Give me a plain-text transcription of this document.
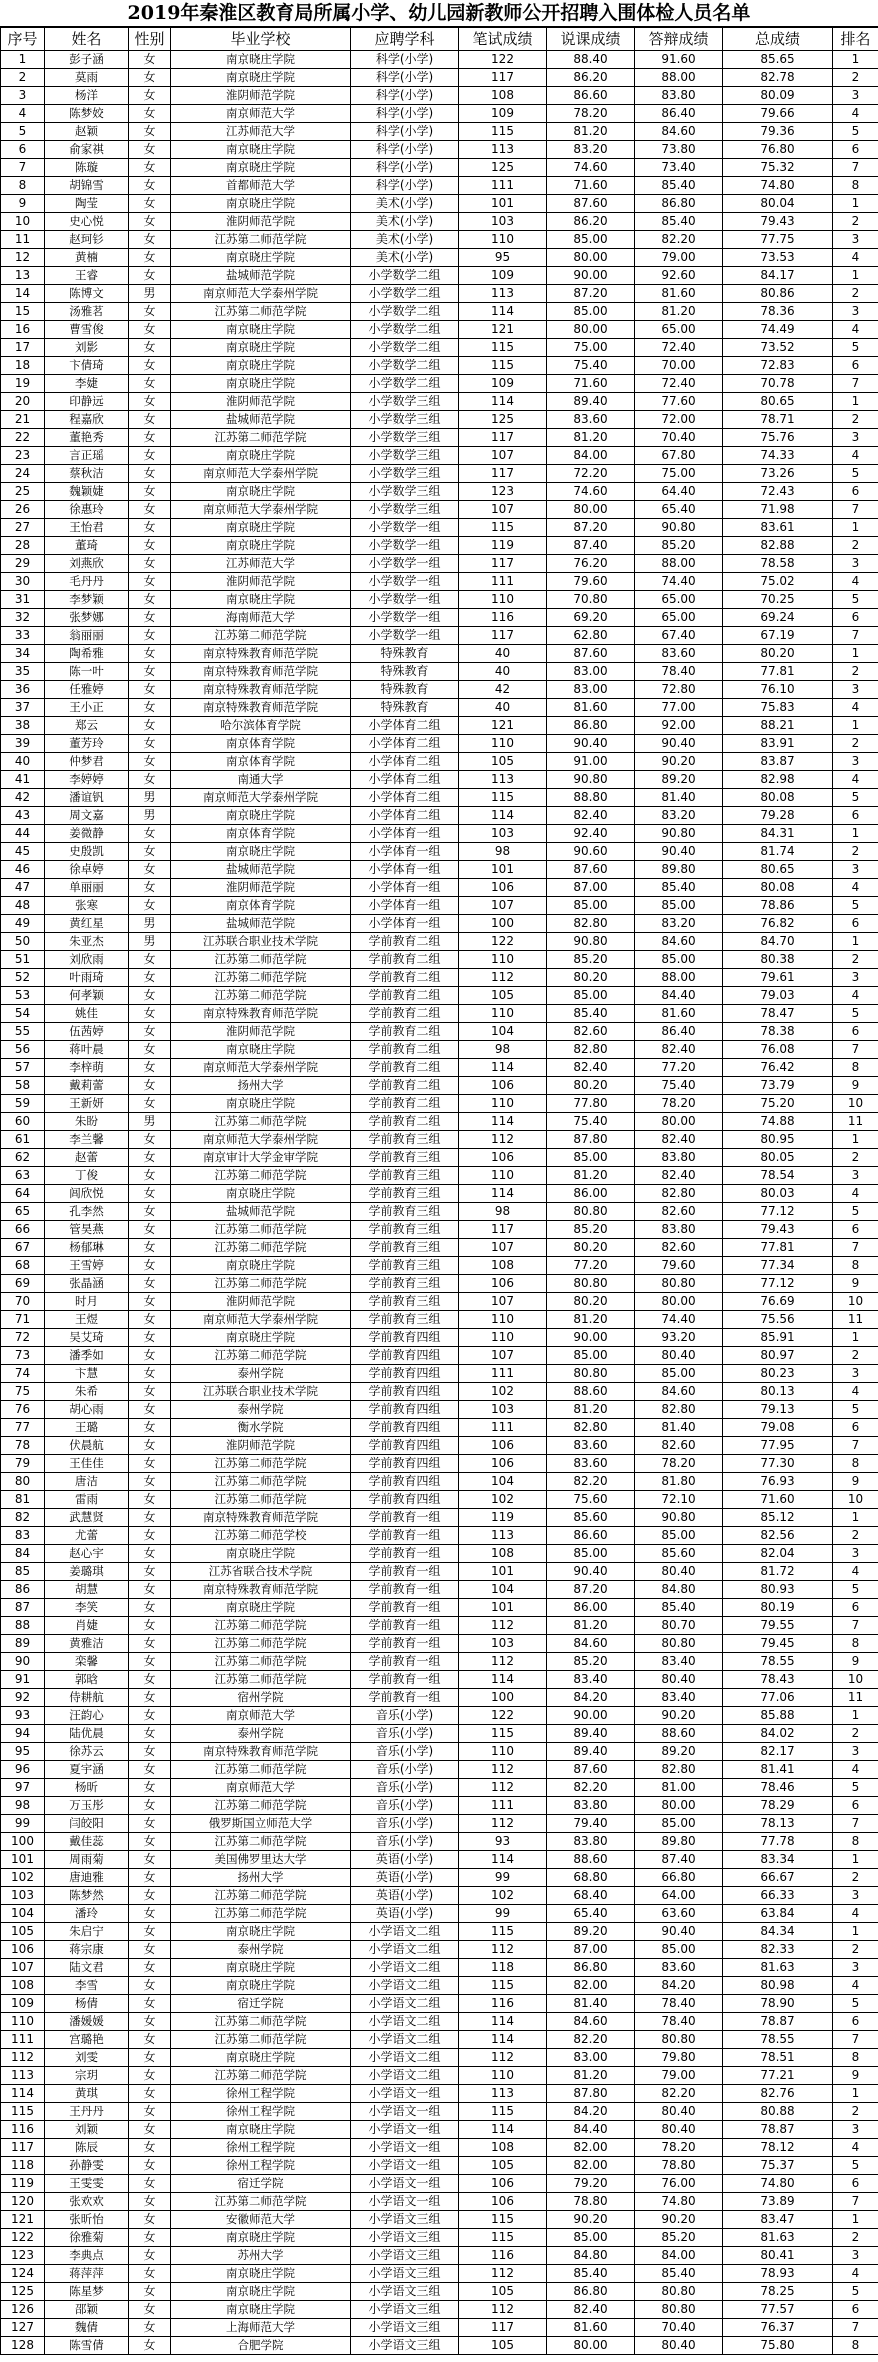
2019年秦淮区教育局所属小学、幼儿园新教师公开招聘入围体检人员名单
序号	姓名	性别	毕业学校	应聘学科	笔试成绩	说课成绩	答辩成绩	总成绩	排名
1	彭子涵	女	南京晓庄学院	科学(小学)	122	88.40	91.60	85.65	1
2	莫雨	女	南京晓庄学院	科学(小学)	117	86.20	88.00	82.78	2
3	杨洋	女	淮阴师范学院	科学(小学)	108	86.60	83.80	80.09	3
4	陈梦姣	女	南京师范大学	科学(小学)	109	78.20	86.40	79.66	4
5	赵颖	女	江苏师范大学	科学(小学)	115	81.20	84.60	79.36	5
6	俞家祺	女	南京晓庄学院	科学(小学)	113	83.20	73.80	76.80	6
7	陈璇	女	南京晓庄学院	科学(小学)	125	74.60	73.40	75.32	7
8	胡锦雪	女	首都师范大学	科学(小学)	111	71.60	85.40	74.80	8
9	陶莹	女	南京晓庄学院	美术(小学)	101	87.60	86.80	80.04	1
10	史心悦	女	淮阴师范学院	美术(小学)	103	86.20	85.40	79.43	2
11	赵珂钐	女	江苏第二师范学院	美术(小学)	110	85.00	82.20	77.75	3
12	黄楠	女	南京晓庄学院	美术(小学)	95	80.00	79.00	73.53	4
13	王睿	女	盐城师范学院	小学数学二组	109	90.00	92.60	84.17	1
14	陈博文	男	南京师范大学泰州学院	小学数学二组	113	87.20	81.60	80.86	2
15	汤雅茗	女	江苏第二师范学院	小学数学二组	114	85.00	81.20	78.36	3
16	曹雪俊	女	南京晓庄学院	小学数学二组	121	80.00	65.00	74.49	4
17	刘影	女	南京晓庄学院	小学数学二组	115	75.00	72.40	73.52	5
18	卞倩琦	女	南京晓庄学院	小学数学二组	115	75.40	70.00	72.83	6
19	李婕	女	南京晓庄学院	小学数学二组	109	71.60	72.40	70.78	7
20	印静远	女	淮阴师范学院	小学数学三组	114	89.40	77.60	80.65	1
21	程嘉欣	女	盐城师范学院	小学数学三组	125	83.60	72.00	78.71	2
22	董艳秀	女	江苏第二师范学院	小学数学三组	117	81.20	70.40	75.76	3
23	言正瑶	女	南京晓庄学院	小学数学三组	107	84.00	67.80	74.33	4
24	蔡秋洁	女	南京师范大学泰州学院	小学数学三组	117	72.20	75.00	73.26	5
25	魏颖婕	女	南京晓庄学院	小学数学三组	123	74.60	64.40	72.43	6
26	徐惠玲	女	南京师范大学泰州学院	小学数学三组	107	80.00	65.40	71.98	7
27	王怡君	女	南京晓庄学院	小学数学一组	115	87.20	90.80	83.61	1
28	董琦	女	南京晓庄学院	小学数学一组	119	87.40	85.20	82.88	2
29	刘燕欣	女	江苏师范大学	小学数学一组	117	76.20	88.00	78.58	3
30	毛丹丹	女	淮阴师范学院	小学数学一组	111	79.60	74.40	75.02	4
31	李梦颖	女	南京晓庄学院	小学数学一组	110	70.80	65.00	70.25	5
32	张梦娜	女	海南师范大学	小学数学一组	116	69.20	65.00	69.24	6
33	翁丽丽	女	江苏第二师范学院	小学数学一组	117	62.80	67.40	67.19	7
34	陶希雅	女	南京特殊教育师范学院	特殊教育	40	87.60	83.60	80.20	1
35	陈一叶	女	南京特殊教育师范学院	特殊教育	40	83.00	78.40	77.81	2
36	任雅婷	女	南京特殊教育师范学院	特殊教育	42	83.00	72.80	76.10	3
37	王小正	女	南京特殊教育师范学院	特殊教育	40	81.60	77.00	75.83	4
38	郑云	女	哈尔滨体育学院	小学体育二组	121	86.80	92.00	88.21	1
39	董芳玲	女	南京体育学院	小学体育二组	110	90.40	90.40	83.91	2
40	仲梦君	女	南京体育学院	小学体育二组	105	91.00	90.20	83.87	3
41	李婷婷	女	南通大学	小学体育二组	113	90.80	89.20	82.98	4
42	潘谊钒	男	南京师范大学泰州学院	小学体育二组	115	88.80	81.40	80.08	5
43	周文嘉	男	南京晓庄学院	小学体育二组	114	82.40	83.20	79.28	6
44	姜微静	女	南京体育学院	小学体育一组	103	92.40	90.80	84.31	1
45	史殷凯	女	南京晓庄学院	小学体育一组	98	90.60	90.40	81.74	2
46	徐卓婷	女	盐城师范学院	小学体育一组	101	87.60	89.80	80.65	3
47	单丽丽	女	淮阴师范学院	小学体育一组	106	87.00	85.40	80.08	4
48	张寒	女	南京体育学院	小学体育一组	107	85.00	85.00	78.86	5
49	黄红星	男	盐城师范学院	小学体育一组	100	82.80	83.20	76.82	6
50	朱亚杰	男	江苏联合职业技术学院	学前教育二组	122	90.80	84.60	84.70	1
51	刘欣雨	女	江苏第二师范学院	学前教育二组	110	85.20	85.00	80.38	2
52	叶雨琦	女	江苏第二师范学院	学前教育二组	112	80.20	88.00	79.61	3
53	何孝颖	女	江苏第二师范学院	学前教育二组	105	85.00	84.40	79.03	4
54	姚佳	女	南京特殊教育师范学院	学前教育二组	110	85.40	81.60	78.47	5
55	伍茜婷	女	淮阴师范学院	学前教育二组	104	82.60	86.40	78.38	6
56	蒋叶晨	女	南京晓庄学院	学前教育二组	98	82.80	82.40	76.08	7
57	李梓萌	女	南京师范大学泰州学院	学前教育二组	114	82.40	77.20	76.42	8
58	戴莉蕾	女	扬州大学	学前教育二组	106	80.20	75.40	73.79	9
59	王新妍	女	南京晓庄学院	学前教育二组	110	77.80	78.20	75.20	10
60	朱盼	男	江苏第二师范学院	学前教育二组	114	75.40	80.00	74.88	11
61	李兰馨	女	南京师范大学泰州学院	学前教育三组	112	87.80	82.40	80.95	1
62	赵蕾	女	南京审计大学金审学院	学前教育三组	106	85.00	83.80	80.05	2
63	丁俊	女	江苏第二师范学院	学前教育三组	110	81.20	82.40	78.54	3
64	闾欣悦	女	南京晓庄学院	学前教育三组	114	86.00	82.80	80.03	4
65	孔李然	女	盐城师范学院	学前教育三组	98	80.80	82.60	77.12	5
66	管昊燕	女	江苏第二师范学院	学前教育三组	117	85.20	83.80	79.43	6
67	杨郁琳	女	江苏第二师范学院	学前教育三组	107	80.20	82.60	77.81	7
68	王雪婷	女	南京晓庄学院	学前教育三组	108	77.20	79.60	77.34	8
69	张晶涵	女	江苏第二师范学院	学前教育三组	106	80.80	80.80	77.12	9
70	时月	女	淮阴师范学院	学前教育三组	107	80.20	80.00	76.69	10
71	王煜	女	南京师范大学泰州学院	学前教育三组	110	81.20	74.40	75.56	11
72	吴艾琦	女	南京晓庄学院	学前教育四组	110	90.00	93.20	85.91	1
73	潘季如	女	江苏第二师范学院	学前教育四组	107	85.00	80.40	80.97	2
74	卞慧	女	泰州学院	学前教育四组	111	80.80	85.00	80.23	3
75	朱希	女	江苏联合职业技术学院	学前教育四组	102	88.60	84.60	80.13	4
76	胡心雨	女	泰州学院	学前教育四组	103	81.20	82.80	79.13	5
77	王璐	女	衡水学院	学前教育四组	111	82.80	81.40	79.08	6
78	伏晨航	女	淮阴师范学院	学前教育四组	106	83.60	82.60	77.95	7
79	王佳佳	女	江苏第二师范学院	学前教育四组	106	83.60	78.20	77.30	8
80	唐洁	女	江苏第二师范学院	学前教育四组	104	82.20	81.80	76.93	9
81	雷雨	女	江苏第二师范学院	学前教育四组	102	75.60	72.10	71.60	10
82	武慧贤	女	南京特殊教育师范学院	学前教育一组	119	85.60	90.80	85.12	1
83	尤蕾	女	江苏第二师范学校	学前教育一组	113	86.60	85.00	82.56	2
84	赵心宇	女	南京晓庄学院	学前教育一组	108	85.00	85.60	82.04	3
85	姜璐琪	女	江苏省联合技术学院	学前教育一组	101	90.40	80.40	81.72	4
86	胡慧	女	南京特殊教育师范学院	学前教育一组	104	87.20	84.80	80.93	5
87	李笑	女	南京晓庄学院	学前教育一组	101	86.00	85.40	80.19	6
88	肖婕	女	江苏第二师范学院	学前教育一组	112	81.20	80.70	79.55	7
89	黄雅洁	女	江苏第二师范学院	学前教育一组	103	84.60	80.80	79.45	8
90	栾馨	女	江苏第二师范学院	学前教育一组	112	85.20	83.40	78.55	9
91	郭晗	女	江苏第二师范学院	学前教育一组	114	83.40	80.40	78.43	10
92	侍耕航	女	宿州学院	学前教育一组	100	84.20	83.40	77.06	11
93	汪韵心	女	南京师范大学	音乐(小学)	122	90.00	90.20	85.88	1
94	陆优晨	女	泰州学院	音乐(小学)	115	89.40	88.60	84.02	2
95	徐苏云	女	南京特殊教育师范学院	音乐(小学)	110	89.40	89.20	82.17	3
96	夏宇涵	女	江苏第二师范学院	音乐(小学)	112	87.60	82.80	81.41	4
97	杨昕	女	南京师范大学	音乐(小学)	112	82.20	81.00	78.46	5
98	万玉彤	女	江苏第二师范学院	音乐(小学)	111	83.80	80.00	78.29	6
99	闫皎阳	女	俄罗斯国立师范大学	音乐(小学)	112	79.40	85.00	78.13	7
100	戴佳蕊	女	江苏第二师范学院	音乐(小学)	93	83.80	89.80	77.78	8
101	周雨菊	女	美国佛罗里达大学	英语(小学)	114	88.60	87.40	83.34	1
102	唐迪雅	女	扬州大学	英语(小学)	99	68.80	66.80	66.67	2
103	陈梦然	女	江苏第二师范学院	英语(小学)	102	68.40	64.00	66.33	3
104	潘玲	女	江苏第二师范学院	英语(小学)	99	65.40	63.60	63.84	4
105	朱启宁	女	南京晓庄学院	小学语文二组	115	89.20	90.40	84.34	1
106	蒋宗康	女	泰州学院	小学语文二组	112	87.00	85.00	82.33	2
107	陆文君	女	南京晓庄学院	小学语文二组	118	86.80	83.60	81.63	3
108	李雪	女	南京晓庄学院	小学语文二组	115	82.00	84.20	80.98	4
109	杨倩	女	宿迁学院	小学语文二组	116	81.40	78.40	78.90	5
110	潘媛媛	女	江苏第二师范学院	小学语文二组	114	84.60	78.40	78.87	6
111	宫璐艳	女	江苏第二师范学院	小学语文二组	114	82.20	80.80	78.55	7
112	刘雯	女	南京晓庄学院	小学语文二组	112	83.00	79.80	78.51	8
113	宗玥	女	江苏第二师范学院	小学语文二组	110	81.20	79.00	77.21	9
114	黄琪	女	徐州工程学院	小学语文一组	113	87.80	82.20	82.76	1
115	王丹丹	女	徐州工程学院	小学语文一组	115	84.20	80.40	80.88	2
116	刘颖	女	南京晓庄学院	小学语文一组	114	84.40	80.40	78.87	3
117	陈辰	女	徐州工程学院	小学语文一组	108	82.00	78.20	78.12	4
118	孙静雯	女	徐州工程学院	小学语文一组	105	82.00	78.80	75.37	5
119	王雯雯	女	宿迁学院	小学语文一组	106	79.20	76.00	74.80	6
120	张欢欢	女	江苏第二师范学院	小学语文一组	106	78.80	74.80	73.89	7
121	张昕怡	女	安徽师范大学	小学语文三组	115	90.20	90.20	83.47	1
122	徐雅菊	女	南京晓庄学院	小学语文三组	115	85.00	85.20	81.63	2
123	李典点	女	苏州大学	小学语文三组	116	84.80	84.00	80.41	3
124	蒋萍萍	女	南京晓庄学院	小学语文三组	112	85.40	85.40	78.93	4
125	陈星梦	女	南京晓庄学院	小学语文三组	105	86.80	80.80	78.25	5
126	邵颖	女	南京晓庄学院	小学语文三组	112	82.40	80.80	77.57	6
127	魏倩	女	上海师范大学	小学语文三组	117	81.60	70.40	76.37	7
128	陈雪倩	女	合肥学院	小学语文三组	105	80.00	80.40	75.80	8
